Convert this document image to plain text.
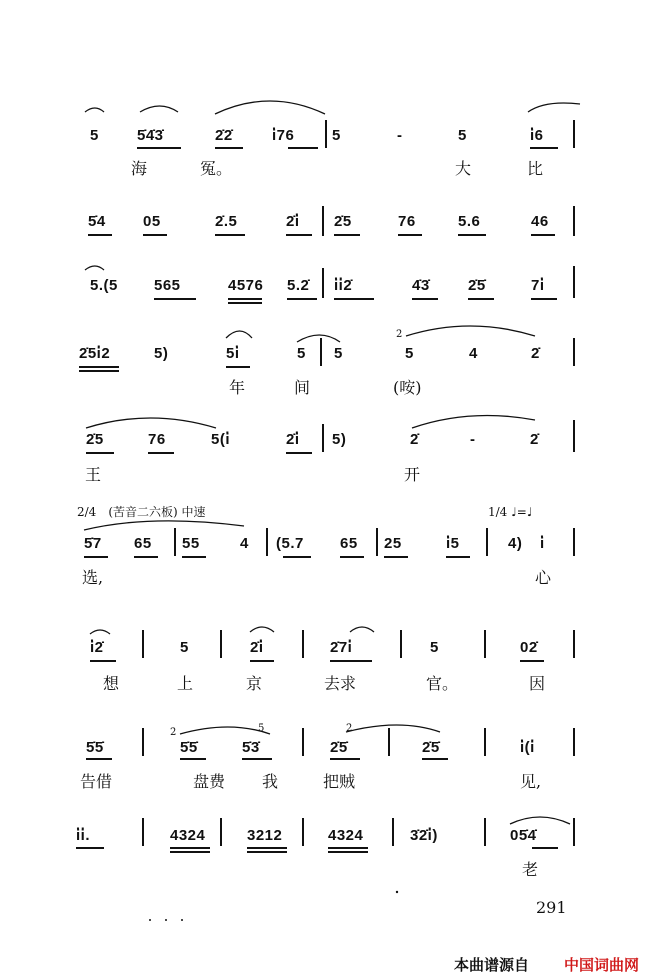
5	5̇4̇3̇	2̇2̇	i̇76	5	-	5	i̇6
海	冤。	大	比
5̇4 05	2̇.5	2̇i̇ 2̇5	76	5.6	46
5.(5 565	4576 5.2̇ i̇i̇2̇	4̇3̇	2̇5̇	7i̇
2̇5i̇2	5)	5i̇	5 5	5	4	2̇
2̇
年	间	(咹)
2̇5	76	5(i̇	2̇i̇ 5)	2̇	-	2̇
王	开
2/4　(苦音二六板) 中速	1/4 ♩=♩
5̇7 65 55	4 (5.7 65 25	i̇5	4) i̇
选,	心
i̇2̇	5	2̇i̇	2̇7i̇	5	02̇
想	上	京	去求	官。	因
5̇5̇
2̇
5̇5̇
5̇
5̇3̇
2̇
2̇5̇	2̇5̇	i̇(i̇
告借	盘费 我	把贼	见,
i̇i̇.	4324	3212	4324	3̇2̇i̇)	05̇4̇
老
291
本曲谱源自 中国词曲网
